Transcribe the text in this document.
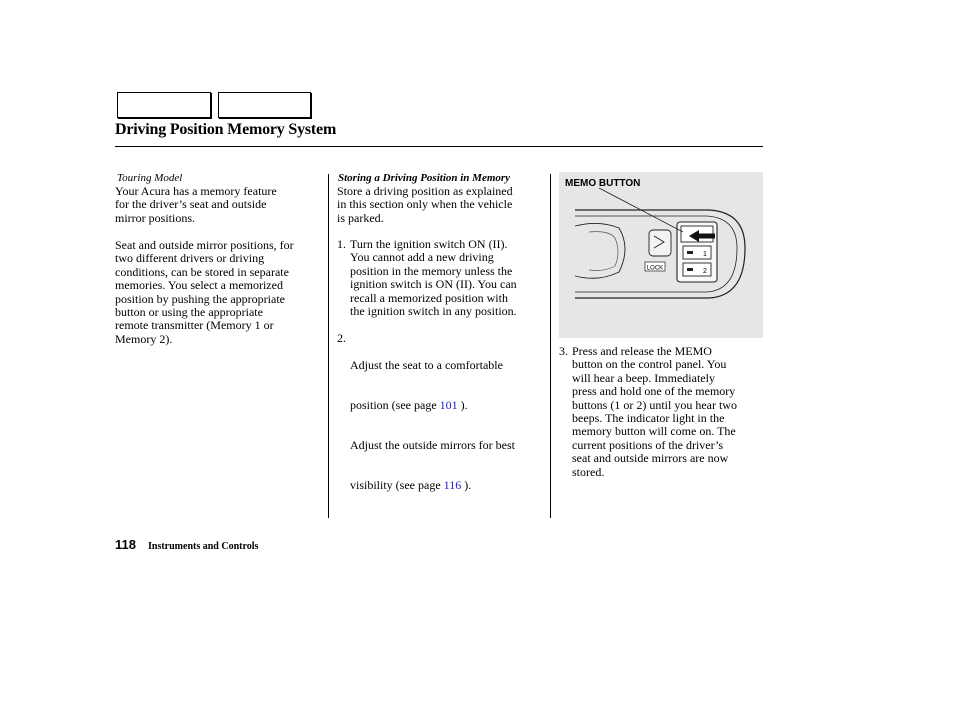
Driving Position Memory System
Touring Model
Your Acura has a memory feature
for the driver’s seat and outside
mirror positions.
Seat and outside mirror positions, for
two different drivers or driving
conditions, can be stored in separate
memories. You select a memorized
position by pushing the appropriate
button or using the appropriate
remote transmitter (Memory 1 or
Memory 2).
Storing a Driving Position in Memory
Store a driving position as explained
in this section only when the vehicle
is parked.
1. Turn the ignition switch ON (II).
You cannot add a new driving
position in the memory unless the
ignition switch is ON (II). You can
recall a memorized position with
the ignition switch in any position.
2.

Adjust the seat to a comfortable

position (see page 101 ).

Adjust the outside mirrors for best

visibility (see page 116 ).

LOCK
1
2
MEMO BUTTON
3. Press and release the MEMO
button on the control panel. You
will hear a beep. Immediately
press and hold one of the memory
buttons (1 or 2) until you hear two
beeps. The indicator light in the
memory button will come on. The
current positions of the driver’s
seat and outside mirrors are now
stored.
118 Instruments and Controls
